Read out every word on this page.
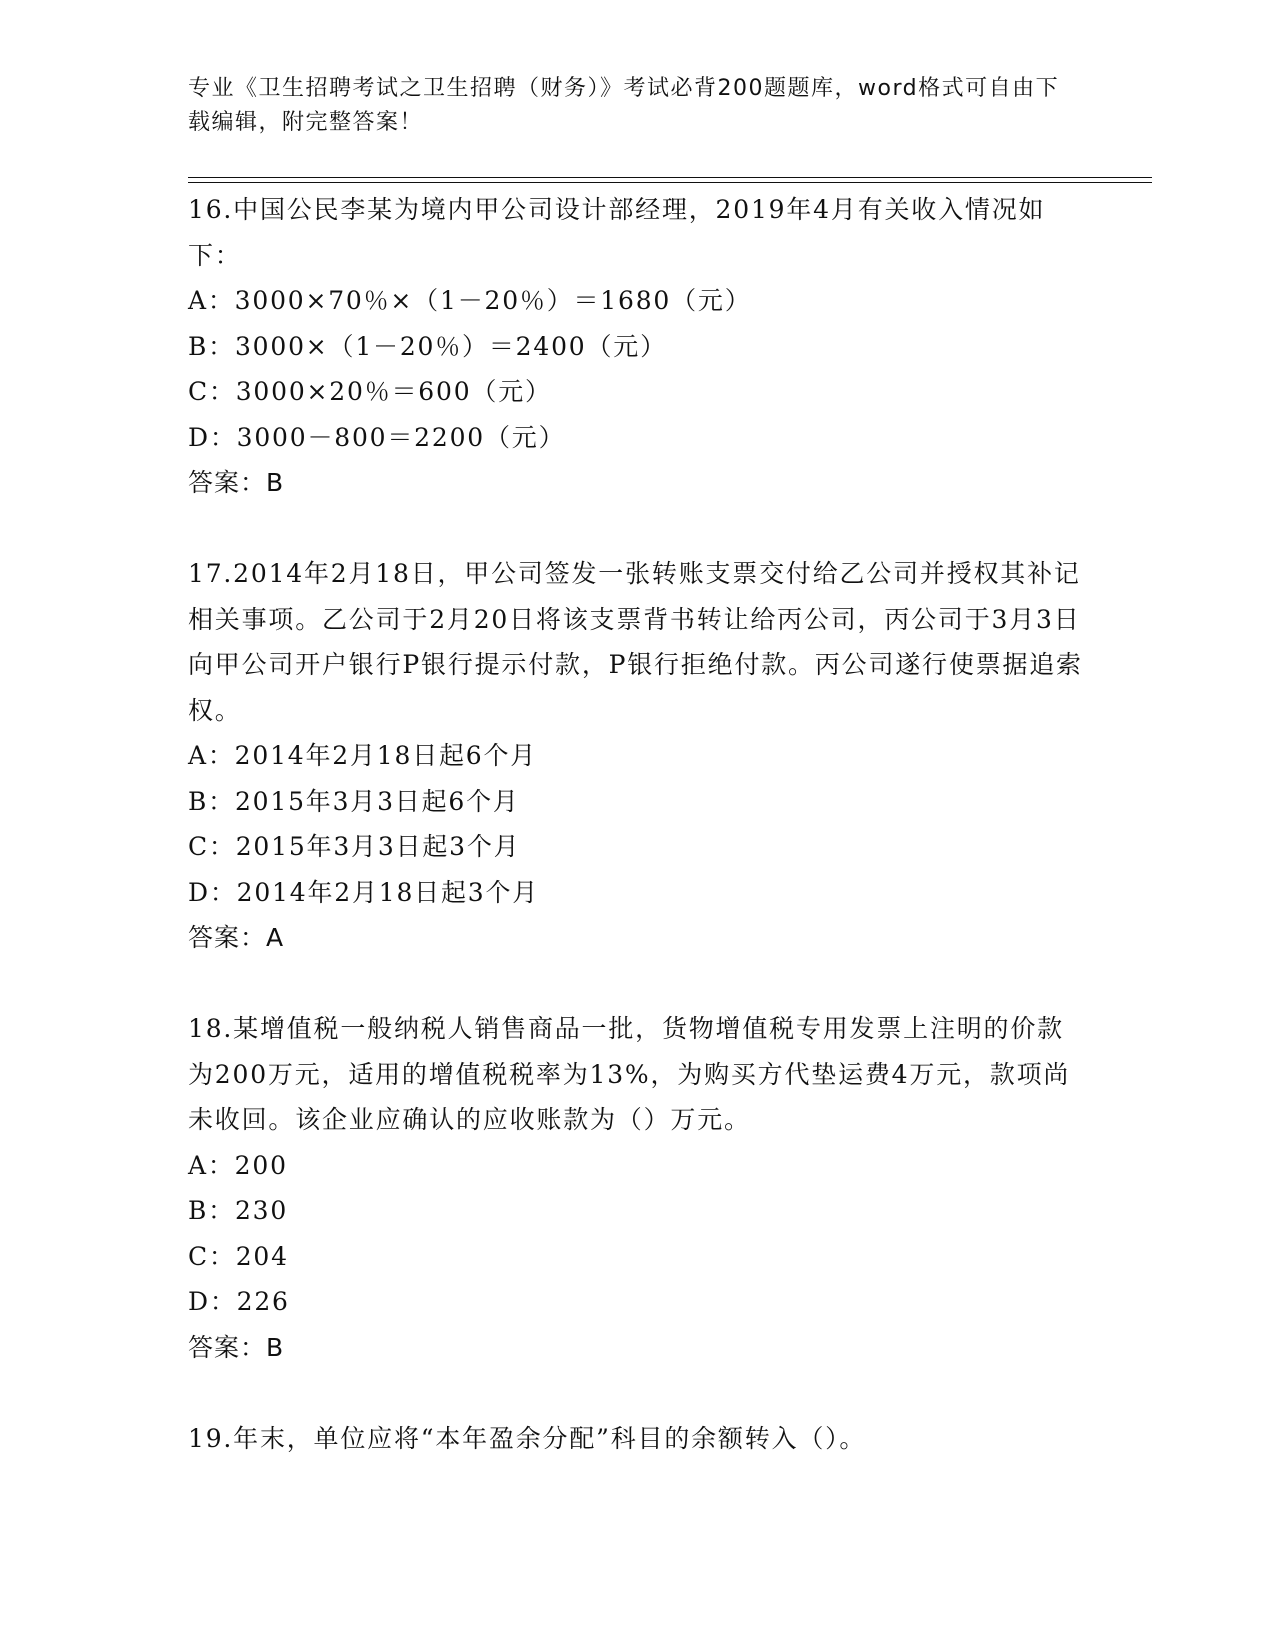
专业《卫生招聘考试之卫生招聘（财务）》考试必背200题题库，word格式可自由下载编辑，附完整答案！

16.中国公民李某为境内甲公司设计部经理，2019年4月有关收入情况如下：

A：3000×70％×（1－20％）＝1680（元）

B：3000×（1－20％）＝2400（元）

C：3000×20％＝600（元）

D：3000－800＝2200（元）

答案：B

17.2014年2月18日，甲公司签发一张转账支票交付给乙公司并授权其补记相关事项。乙公司于2月20日将该支票背书转让给丙公司，丙公司于3月3日向甲公司开户银行P银行提示付款，P银行拒绝付款。丙公司遂行使票据追索权。

A：2014年2月18日起6个月

B：2015年3月3日起6个月

C：2015年3月3日起3个月

D：2014年2月18日起3个月

答案：A

18.某增值税一般纳税人销售商品一批，货物增值税专用发票上注明的价款为200万元，适用的增值税税率为13%，为购买方代垫运费4万元，款项尚未收回。该企业应确认的应收账款为（）万元。

A：200

B：230

C：204

D：226

答案：B

19.年末，单位应将“本年盈余分配”科目的余额转入（）。
